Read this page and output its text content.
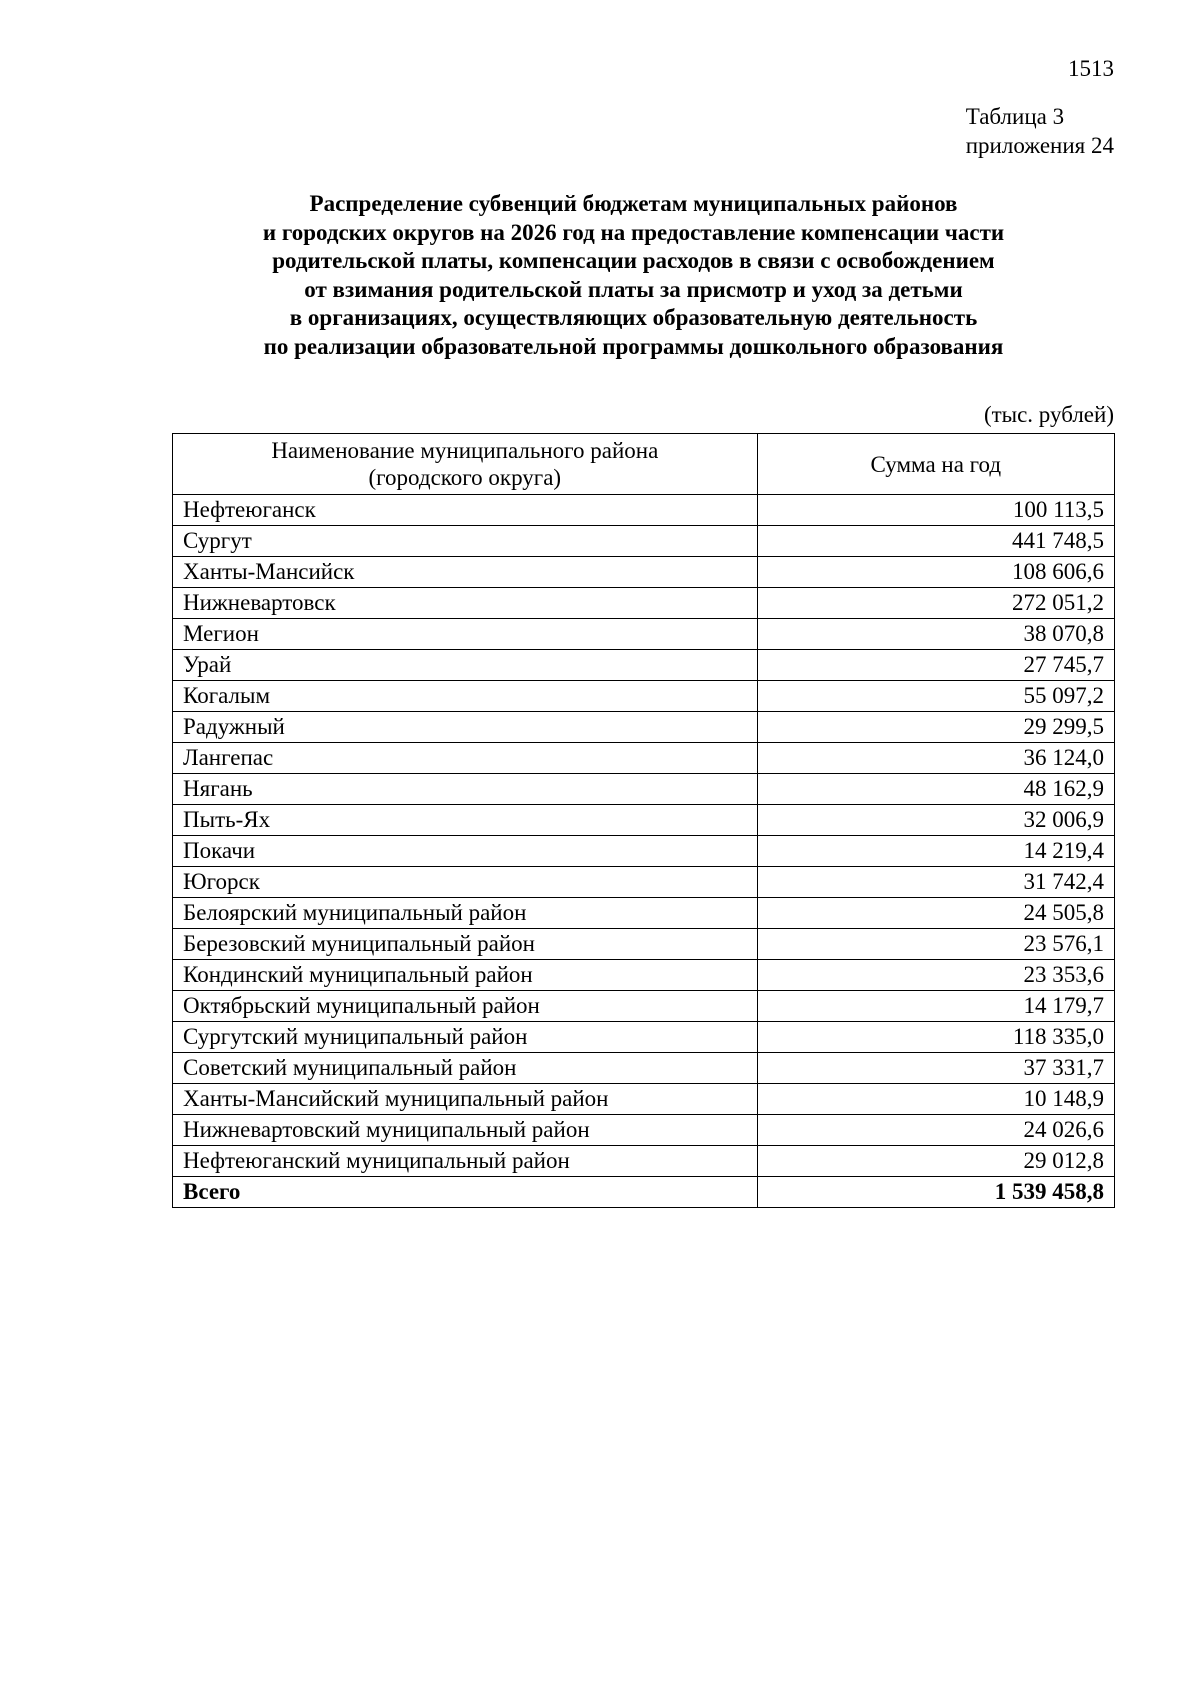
1513
Таблица 3
приложения 24
Распределение субвенций бюджетам муниципальных районов
и городских округов на 2026 год на предоставление компенсации части
родительской платы, компенсации расходов в связи с освобождением
от взимания родительской платы за присмотр и уход за детьми
в организациях, осуществляющих образовательную деятельность
по реализации образовательной программы дошкольного образования
(тыс. рублей)
Наименование муниципального района
(городского округа)	Сумма на год
Нефтеюганск	100 113,5
Сургут	441 748,5
Ханты-Мансийск	108 606,6
Нижневартовск	272 051,2
Мегион	38 070,8
Урай	27 745,7
Когалым	55 097,2
Радужный	29 299,5
Лангепас	36 124,0
Нягань	48 162,9
Пыть-Ях	32 006,9
Покачи	14 219,4
Югорск	31 742,4
Белоярский муниципальный район	24 505,8
Березовский муниципальный район	23 576,1
Кондинский муниципальный район	23 353,6
Октябрьский муниципальный район	14 179,7
Сургутский муниципальный район	118 335,0
Советский муниципальный район	37 331,7
Ханты-Мансийский муниципальный район	10 148,9
Нижневартовский муниципальный район	24 026,6
Нефтеюганский муниципальный район	29 012,8
Всего	1 539 458,8
